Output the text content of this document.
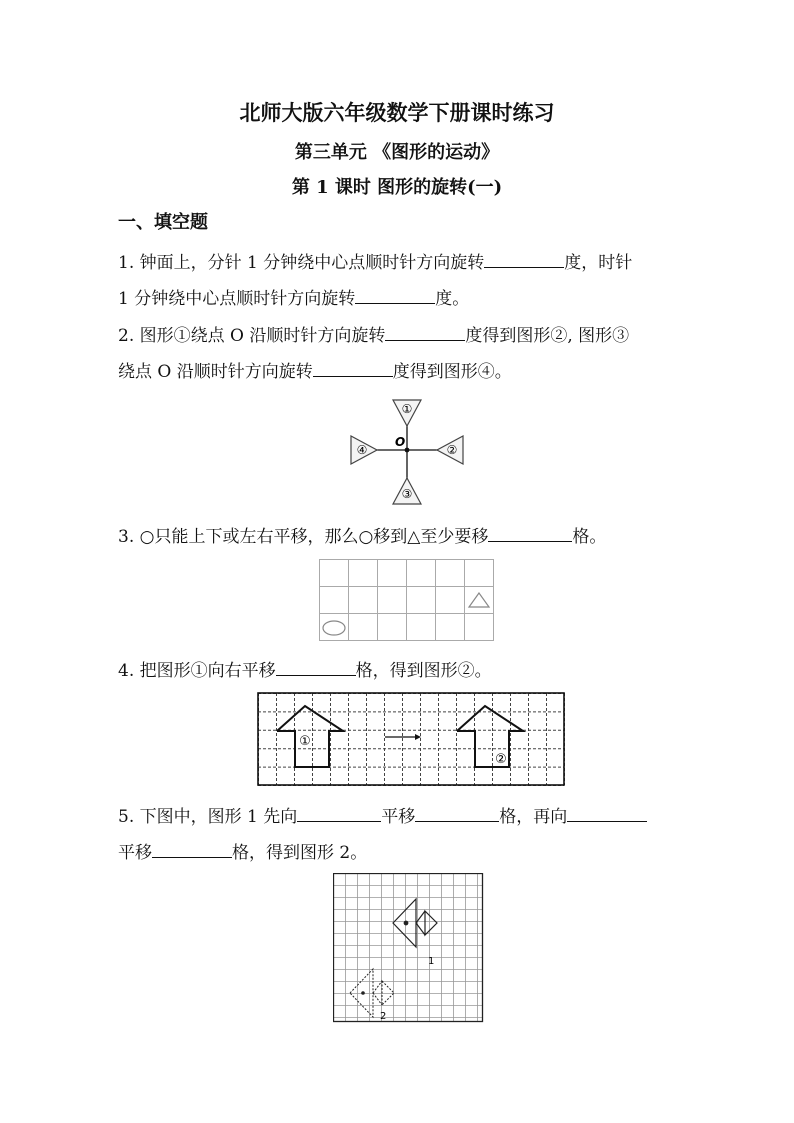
北师大版六年级数学下册课时练习
第三单元 《图形的运动》
第 1 课时 图形的旋转(一)
一、填空题
1. 钟面上，分针 1 分钟绕中心点顺时针方向旋转	度，时针
1 分钟绕中心点顺时针方向旋转	度。
2. 图形①绕点 O 沿顺时针方向旋转	度得到图形②, 图形③
绕点 O 沿顺时针方向旋转	度得到图形④。
O
①
②
③
④
3. ○只能上下或左右平移，那么○移到△至少要移	格。
4. 把图形①向右平移	格，得到图形②。
①
②
5. 下图中，图形 1 先向	平移	格，再向
平移	格，得到图形 2。
1
2
